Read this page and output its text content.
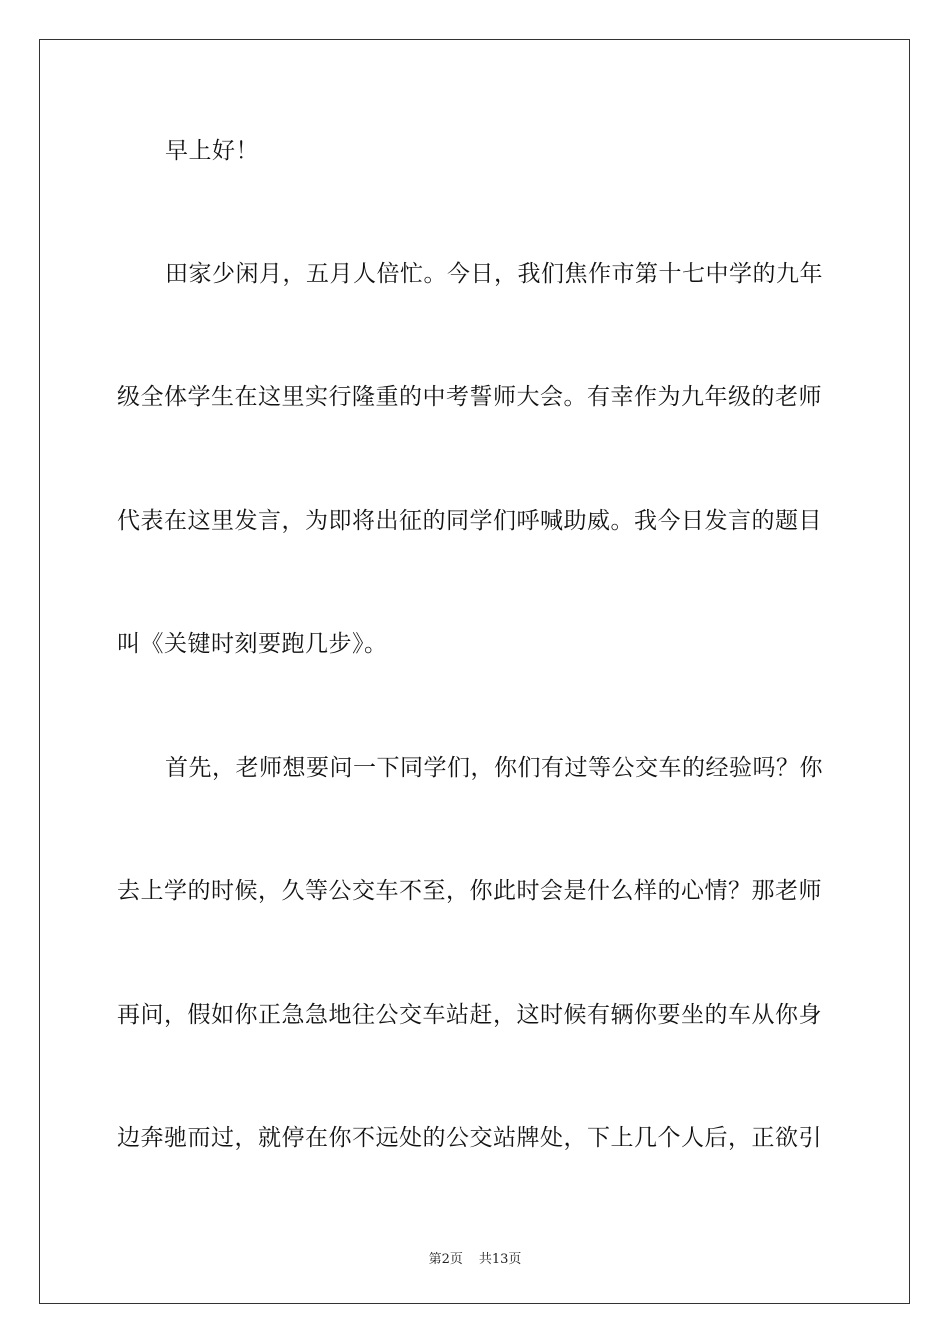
早上好！
田家少闲月，五月人倍忙。今日，我们焦作市第十七中学的九年
级全体学生在这里实行隆重的中考誓师大会。有幸作为九年级的老师
代表在这里发言，为即将出征的同学们呼喊助威。我今日发言的题目
叫《关键时刻要跑几步》。
首先，老师想要问一下同学们，你们有过等公交车的经验吗？你
去上学的时候，久等公交车不至，你此时会是什么样的心情？那老师
再问，假如你正急急地往公交车站赶，这时候有辆你要坐的车从你身
边奔驰而过，就停在你不远处的公交站牌处，下上几个人后，正欲引
第2页 共13页
